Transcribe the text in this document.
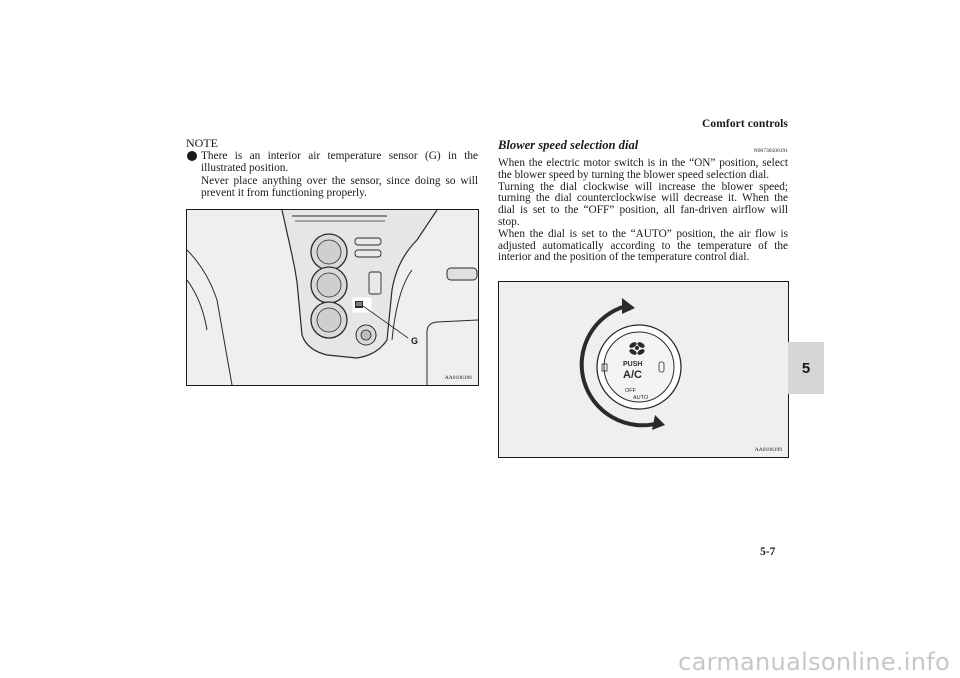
Comfort controls
NOTE

There is an interior air temperature sensor (G) in the illustrated position.

Never place anything over the sensor, since doing so will prevent it from functioning properly.

G
AA0106186
Blower speed selection dial	N00736500191

When the electric motor switch is in the “ON” position, select the blower speed by turning the blower speed selection dial.

Turning the dial clockwise will increase the blower speed; turning the dial counterclockwise will decrease it. When the dial is set to the “OFF” position, all fan-driven airflow will stop.

When the dial is set to the “AUTO” position, the air flow is adjusted automatically according to the temperature of the interior and the position of the temperature control dial.

PUSH
A/C
OFF
AUTO
AA0106199
5
5-7
carmanualsonline.info
